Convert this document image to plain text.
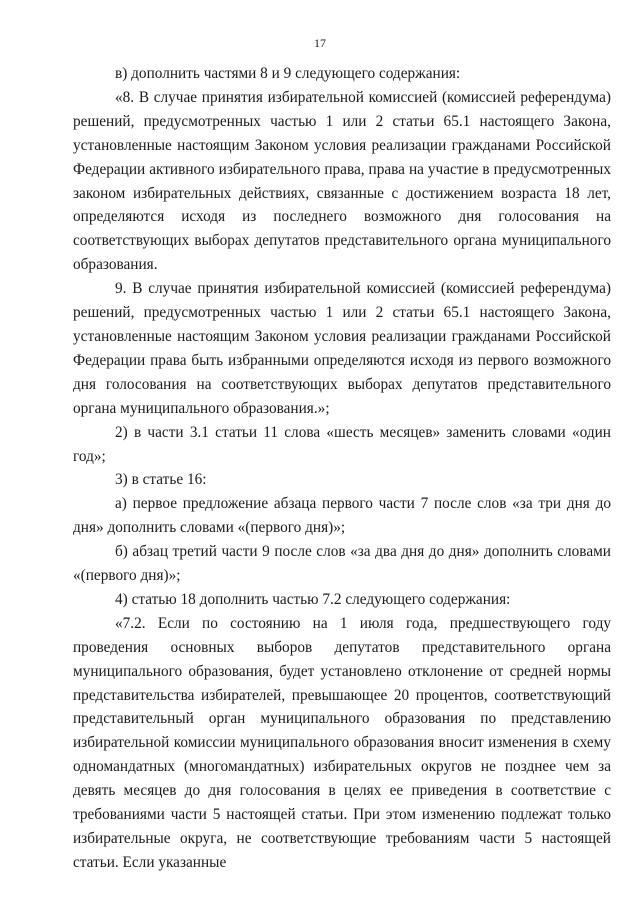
17

в) дополнить частями 8 и 9 следующего содержания:

«8. В случае принятия избирательной комиссией (комиссией референдума) решений, предусмотренных частью 1 или 2 статьи 65.1 настоящего Закона, установленные настоящим Законом условия реализации гражданами Российской Федерации активного избирательного права, права на участие в предусмотренных законом избирательных действиях, связанные с достижением возраста 18 лет, определяются исходя из последнего возможного дня голосования на соответствующих выборах депутатов представительного органа муниципального образования.

9. В случае принятия избирательной комиссией (комиссией референдума) решений, предусмотренных частью 1 или 2 статьи 65.1 настоящего Закона, установленные настоящим Законом условия реализации гражданами Российской Федерации права быть избранными определяются исходя из первого возможного дня голосования на соответствующих выборах депутатов представительного органа муниципального образования.»;

2) в части 3.1 статьи 11 слова «шесть месяцев» заменить словами «один год»;

3) в статье 16:

а) первое предложение абзаца первого части 7 после слов «за три дня до дня» дополнить словами «(первого дня)»;

б) абзац третий части 9 после слов «за два дня до дня» дополнить словами «(первого дня)»;

4) статью 18 дополнить частью 7.2 следующего содержания:

«7.2. Если по состоянию на 1 июля года, предшествующего году проведения основных выборов депутатов представительного органа муниципального образования, будет установлено отклонение от средней нормы представительства избирателей, превышающее 20 процентов, соответствующий представительный орган муниципального образования по представлению избирательной комиссии муниципального образования вносит изменения в схему одномандатных (многомандатных) избирательных округов не позднее чем за девять месяцев до дня голосования в целях ее приведения в соответствие с требованиями части 5 настоящей статьи. При этом изменению подлежат только избирательные округа, не соответствующие требованиям части 5 настоящей статьи. Если указанные
